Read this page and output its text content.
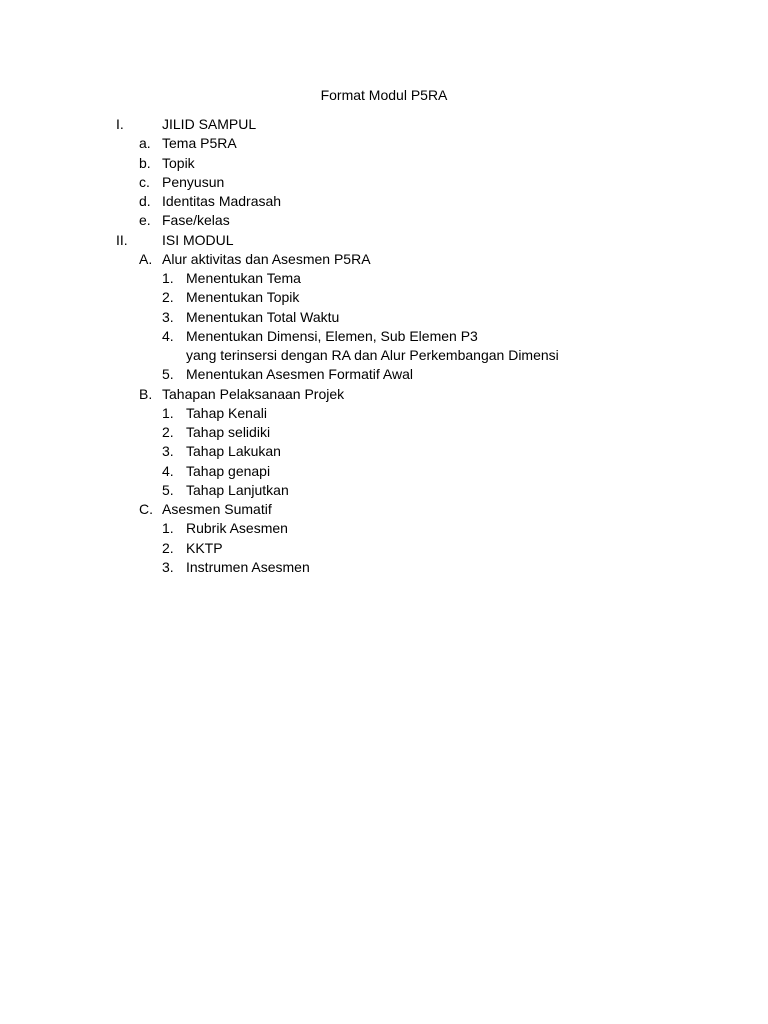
Format Modul P5RA
I.	JILID SAMPUL
a. Tema P5RA
b. Topik
c. Penyusun
d. Identitas Madrasah
e. Fase/kelas
II. ISI MODUL
A. Alur aktivitas dan Asesmen P5RA
1. Menentukan Tema
2. Menentukan Topik
3. Menentukan Total Waktu
4. Menentukan Dimensi, Elemen, Sub Elemen P3
yang terinsersi dengan RA dan Alur Perkembangan Dimensi
5. Menentukan Asesmen Formatif Awal
B. Tahapan Pelaksanaan Projek
1. Tahap Kenali
2. Tahap selidiki
3. Tahap Lakukan
4. Tahap genapi
5. Tahap Lanjutkan
C. Asesmen Sumatif
1. Rubrik Asesmen
2. KKTP
3. Instrumen Asesmen
